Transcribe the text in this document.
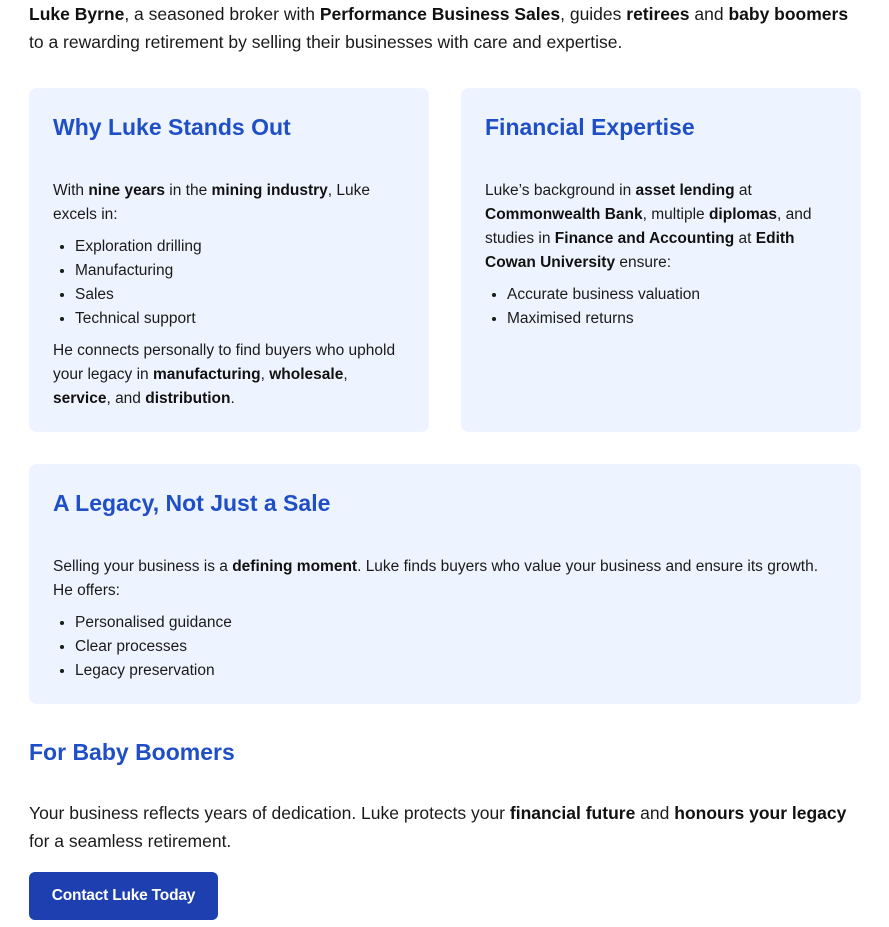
Luke Byrne, a seasoned broker with Performance Business Sales, guides retirees and baby boomers to a rewarding retirement by selling their businesses with care and expertise.

Why Luke Stands Out

With nine years in the mining industry, Luke excels in:

• Exploration drilling
• Manufacturing
• Sales
• Technical support

He connects personally to find buyers who uphold your legacy in manufacturing, wholesale, service, and distribution.

Financial Expertise

Luke’s background in asset lending at Commonwealth Bank, multiple diplomas, and studies in Finance and Accounting at Edith Cowan University ensure:

• Accurate business valuation
• Maximised returns
A Legacy, Not Just a Sale

Selling your business is a defining moment. Luke finds buyers who value your business and ensure its growth. He offers:

• Personalised guidance
• Clear processes
• Legacy preservation
For Baby Boomers

Your business reflects years of dedication. Luke protects your financial future and honours your legacy for a seamless retirement.

Contact Luke Today
